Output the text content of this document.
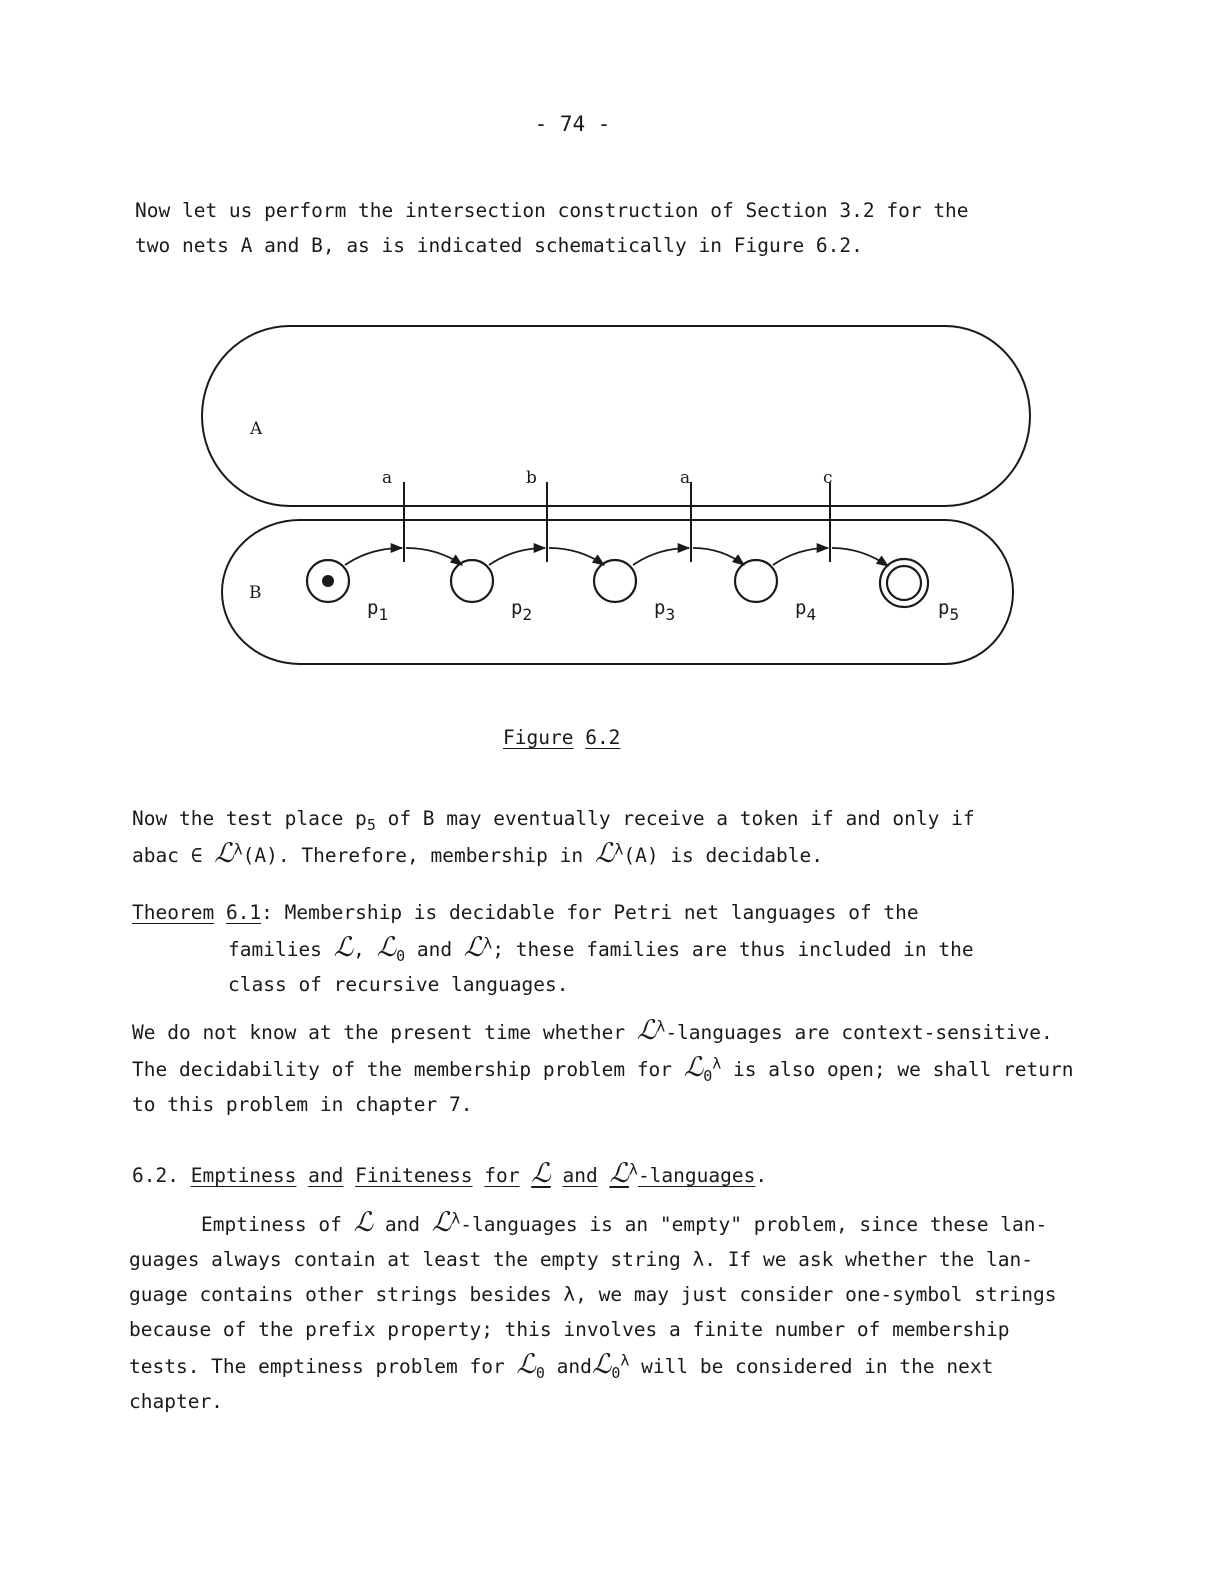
- 74 -
Now let us perform the intersection construction of Section 3.2 for the
two nets A and B, as is indicated schematically in Figure 6.2.
A
B
a	b	a	c
$p_1$	$p_2$	$p_3$	$p_4$	$p_5$
Figure 6.2
Now the test place $p_5$ of B may eventually receive a token if and only if
abac ∈ ℒ$^\lambda$(A). Therefore, membership in ℒ$^\lambda$(A) is decidable.
Theorem 6.1: Membership is decidable for Petri net languages of the
families ℒ, ℒ$_0$ and ℒ$^\lambda$; these families are thus included in the
class of recursive languages.
We do not know at the present time whether ℒ$^\lambda$-languages are context-sensitive.
The decidability of the membership problem for ℒ$_0^\lambda$ is also open; we shall return
to this problem in chapter 7.
6.2. Emptiness and Finiteness for ℒ and ℒ$^\lambda$-languages.
Emptiness of ℒ and ℒ$^\lambda$-languages is an "empty" problem, since these lan-
guages always contain at least the empty string λ. If we ask whether the lan-
guage contains other strings besides λ, we may just consider one-symbol strings
because of the prefix property; this involves a finite number of membership
tests. The emptiness problem for ℒ$_0$ andℒ$_0^\lambda$ will be considered in the next
chapter.
